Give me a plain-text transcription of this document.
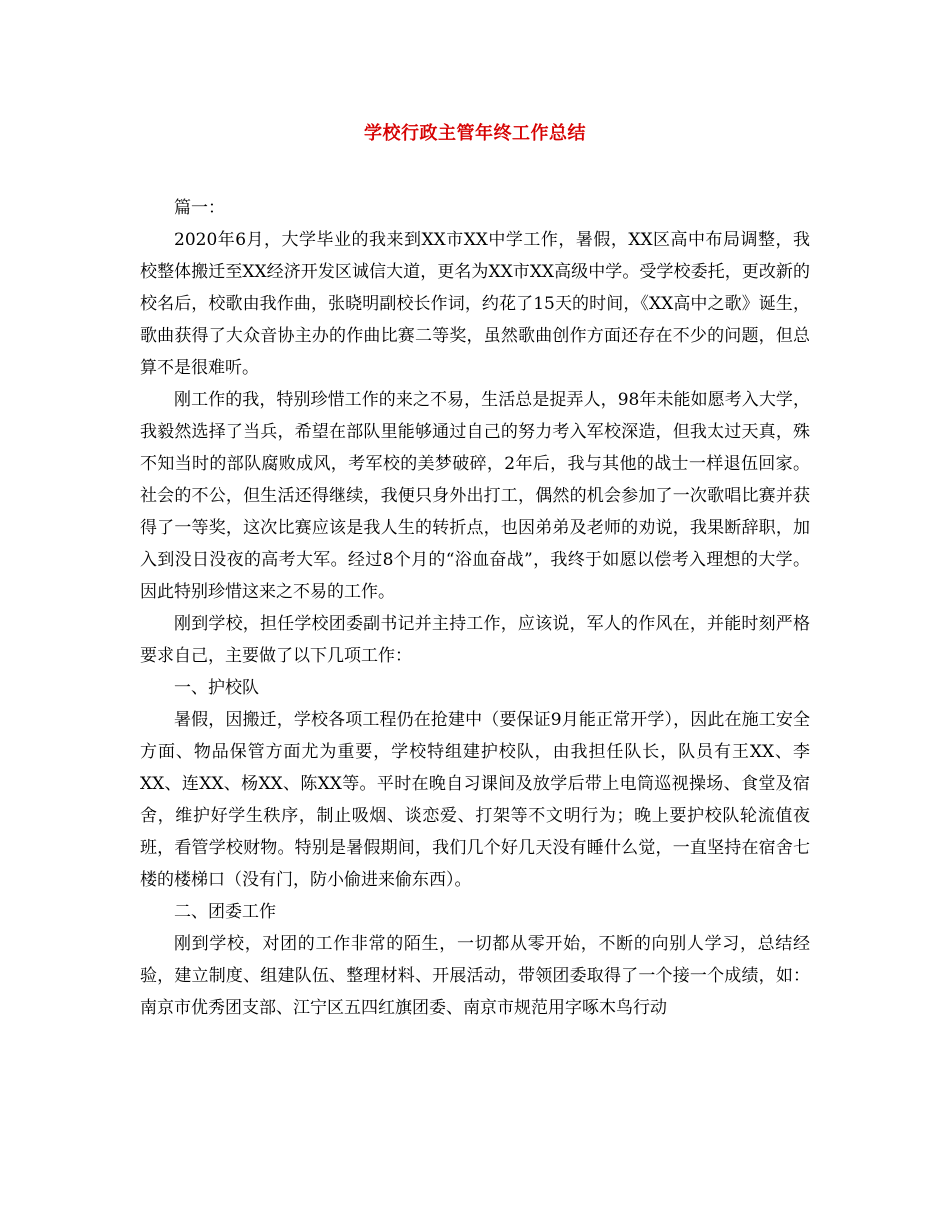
学校行政主管年终工作总结

篇一：

2020年6月，大学毕业的我来到XX市XX中学工作，暑假，XX区高中布局调整，我校整体搬迁至XX经济开发区诚信大道，更名为XX市XX高级中学。受学校委托，更改新的校名后，校歌由我作曲，张晓明副校长作词，约花了15天的时间，《XX高中之歌》诞生，歌曲获得了大众音协主办的作曲比赛二等奖，虽然歌曲创作方面还存在不少的问题，但总算不是很难听。

刚工作的我，特别珍惜工作的来之不易，生活总是捉弄人，98年未能如愿考入大学，我毅然选择了当兵，希望在部队里能够通过自己的努力考入军校深造，但我太过天真，殊不知当时的部队腐败成风，考军校的美梦破碎，2年后，我与其他的战士一样退伍回家。社会的不公，但生活还得继续，我便只身外出打工，偶然的机会参加了一次歌唱比赛并获得了一等奖，这次比赛应该是我人生的转折点，也因弟弟及老师的劝说，我果断辞职，加入到没日没夜的高考大军。经过8个月的“浴血奋战”，我终于如愿以偿考入理想的大学。因此特别珍惜这来之不易的工作。

刚到学校，担任学校团委副书记并主持工作，应该说，军人的作风在，并能时刻严格要求自己，主要做了以下几项工作：

一、护校队

暑假，因搬迁，学校各项工程仍在抢建中（要保证9月能正常开学），因此在施工安全方面、物品保管方面尤为重要，学校特组建护校队，由我担任队长，队员有王XX、李XX、连XX、杨XX、陈XX等。平时在晚自习课间及放学后带上电筒巡视操场、食堂及宿舍，维护好学生秩序，制止吸烟、谈恋爱、打架等不文明行为；晚上要护校队轮流值夜班，看管学校财物。特别是暑假期间，我们几个好几天没有睡什么觉，一直坚持在宿舍七楼的楼梯口（没有门，防小偷进来偷东西）。

二、团委工作

刚到学校，对团的工作非常的陌生，一切都从零开始，不断的向别人学习，总结经验，建立制度、组建队伍、整理材料、开展活动，带领团委取得了一个接一个成绩，如：南京市优秀团支部、江宁区五四红旗团委、南京市规范用字啄木鸟行动
